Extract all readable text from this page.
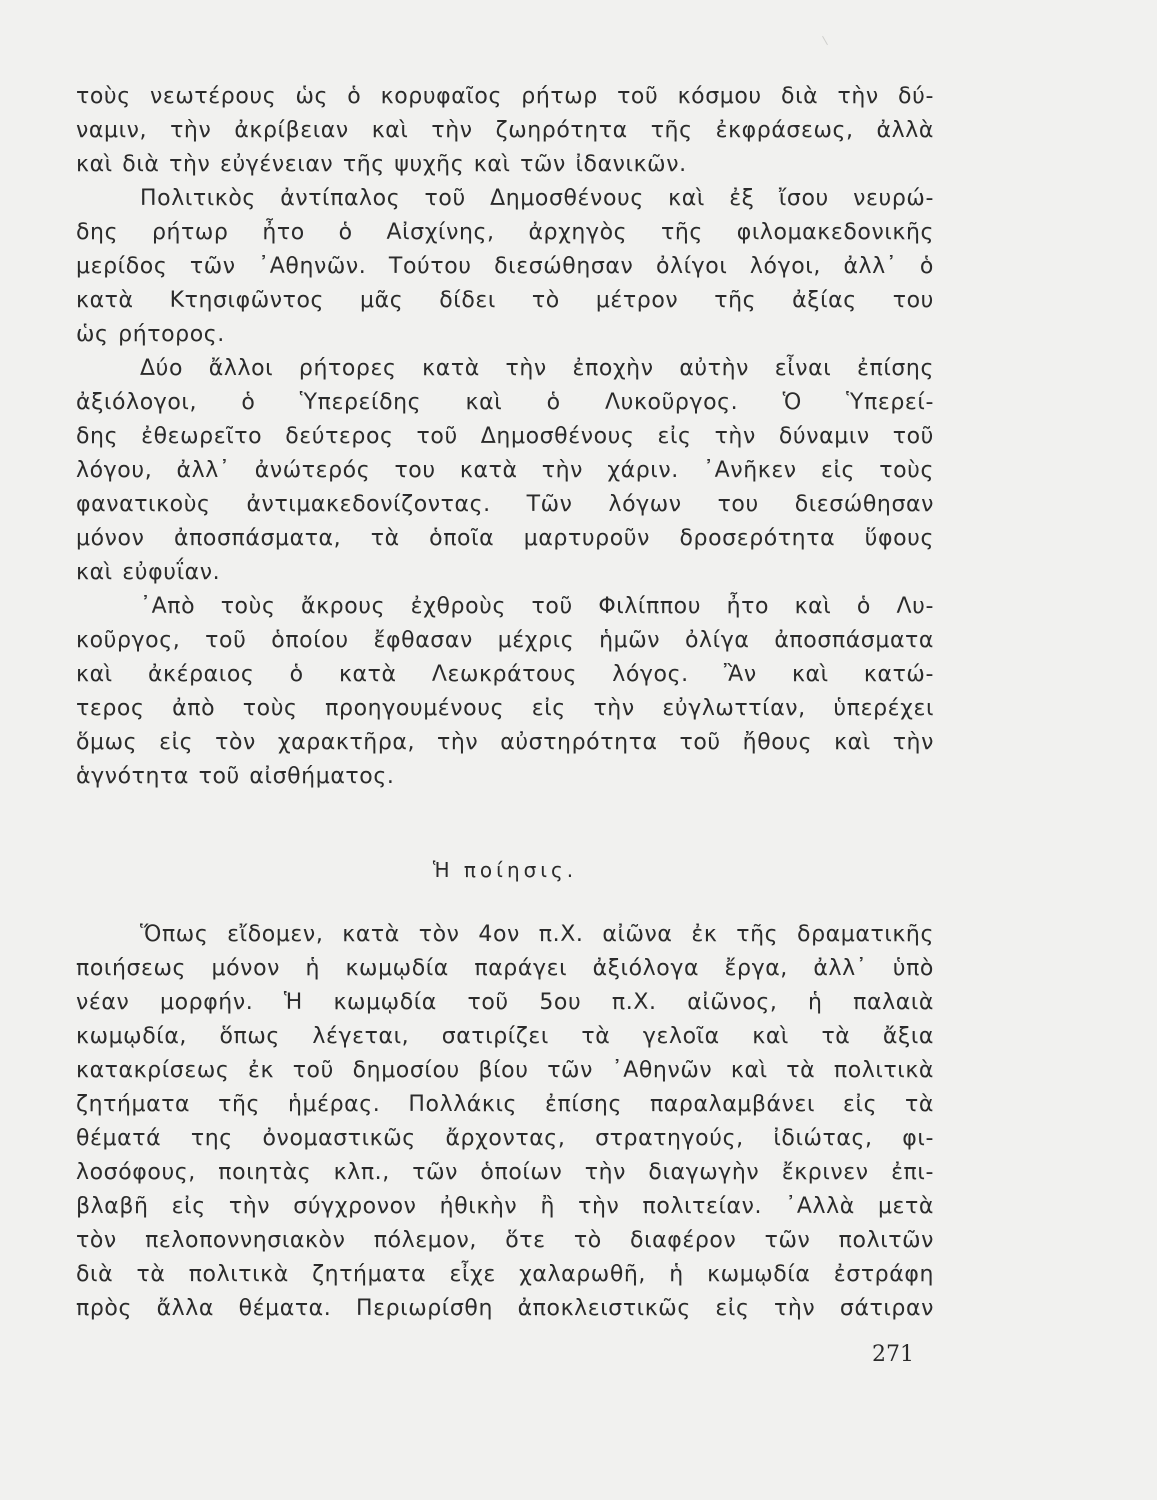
τοὺς νεωτέρους ὡς ὁ κορυφαῖος ρήτωρ τοῦ κόσμου διὰ τὴν δύ-
ναμιν, τὴν ἀκρίβειαν καὶ τὴν ζωηρότητα τῆς ἐκφράσεως, ἀλλὰ
καὶ διὰ τὴν εὐγένειαν τῆς ψυχῆς καὶ τῶν ἰδανικῶν.

Πολιτικὸς ἀντίπαλος τοῦ Δημοσθένους καὶ ἐξ ἴσου νευρώ-
δης ρήτωρ ἦτο ὁ Αἰσχίνης, ἀρχηγὸς τῆς φιλομακεδονικῆς
μερίδος τῶν ᾿Αθηνῶν. Τούτου διεσώθησαν ὀλίγοι λόγοι, ἀλλ᾿ ὁ
κατὰ Κτησιφῶντος μᾶς δίδει τὸ μέτρον τῆς ἀξίας του
ὡς ρήτορος.

Δύο ἄλλοι ρήτορες κατὰ τὴν ἐποχὴν αὐτὴν εἶναι ἐπίσης
ἀξιόλογοι, ὁ Ὑπερείδης καὶ ὁ Λυκοῦργος. Ὁ Ὑπερεί-
δης ἐθεωρεῖτο δεύτερος τοῦ Δημοσθένους εἰς τὴν δύναμιν τοῦ
λόγου, ἀλλ᾿ ἀνώτερός του κατὰ τὴν χάριν. ᾿Ανῆκεν εἰς τοὺς
φανατικοὺς ἀντιμακεδονίζοντας. Τῶν λόγων του διεσώθησαν
μόνον ἀποσπάσματα, τὰ ὁποῖα μαρτυροῦν δροσερότητα ὕφους
καὶ εὐφυΐαν.

᾿Απὸ τοὺς ἄκρους ἐχθροὺς τοῦ Φιλίππου ἦτο καὶ ὁ Λυ-
κοῦργος, τοῦ ὁποίου ἔφθασαν μέχρις ἡμῶν ὀλίγα ἀποσπάσματα
καὶ ἀκέραιος ὁ κατὰ Λεωκράτους λόγος. Ἂν καὶ κατώ-
τερος ἀπὸ τοὺς προηγουμένους εἰς τὴν εὐγλωττίαν, ὑπερέχει
ὅμως εἰς τὸν χαρακτῆρα, τὴν αὐστηρότητα τοῦ ἤθους καὶ τὴν
ἁγνότητα τοῦ αἰσθήματος.

Ἡ ποίησις.

Ὅπως εἴδομεν, κατὰ τὸν 4ον π.Χ. αἰῶνα ἐκ τῆς δραματικῆς
ποιήσεως μόνον ἡ κωμῳδία παράγει ἀξιόλογα ἔργα, ἀλλ᾿ ὑπὸ
νέαν μορφήν. Ἡ κωμῳδία τοῦ 5ου π.Χ. αἰῶνος, ἡ παλαιὰ
κωμῳδία, ὅπως λέγεται, σατιρίζει τὰ γελοῖα καὶ τὰ ἄξια
κατακρίσεως ἐκ τοῦ δημοσίου βίου τῶν ᾿Αθηνῶν καὶ τὰ πολιτικὰ
ζητήματα τῆς ἡμέρας. Πολλάκις ἐπίσης παραλαμβάνει εἰς τὰ
θέματά της ὀνομαστικῶς ἄρχοντας, στρατηγούς, ἰδιώτας, φι-
λοσόφους, ποιητὰς κλπ., τῶν ὁποίων τὴν διαγωγὴν ἔκρινεν ἐπι-
βλαβῆ εἰς τὴν σύγχρονον ἠθικὴν ἢ τὴν πολιτείαν. ᾿Αλλὰ μετὰ
τὸν πελοποννησιακὸν πόλεμον, ὅτε τὸ διαφέρον τῶν πολιτῶν
διὰ τὰ πολιτικὰ ζητήματα εἶχε χαλαρωθῆ, ἡ κωμῳδία ἐστράφη
πρὸς ἄλλα θέματα. Περιωρίσθη ἀποκλειστικῶς εἰς τὴν σάτιραν

271
